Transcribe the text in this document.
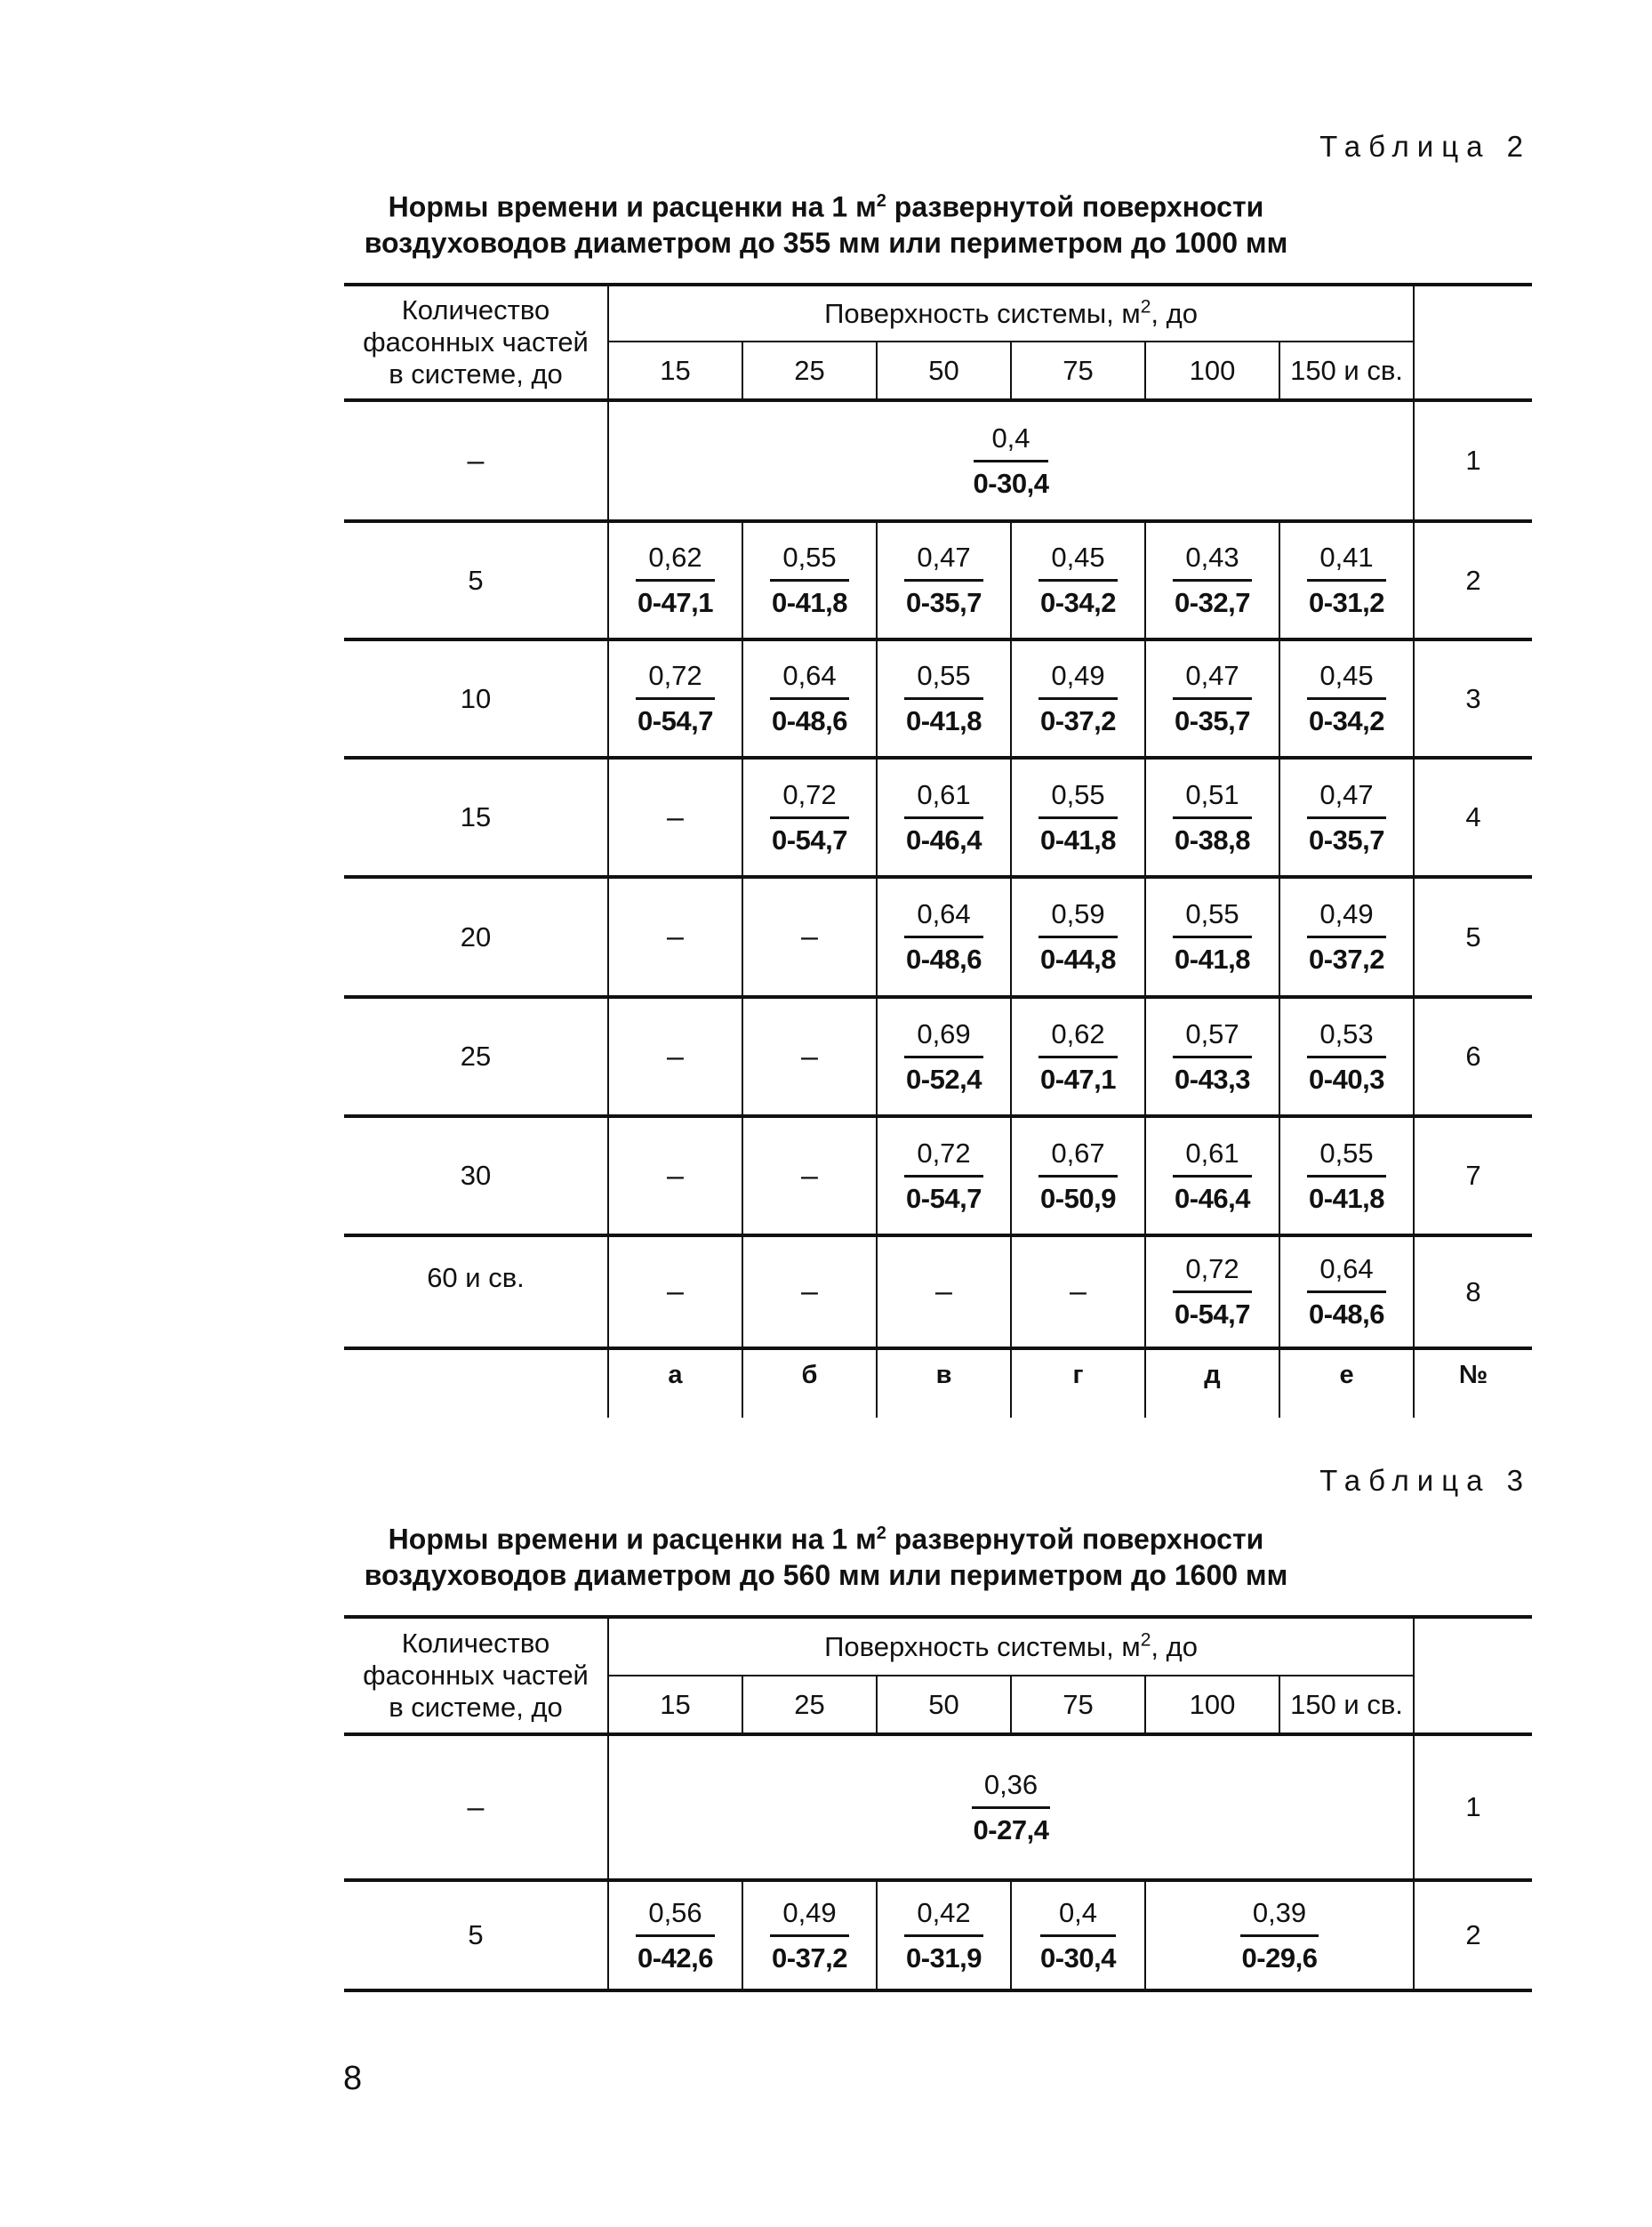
Таблица 2
Нормы времени и расценки на 1 $м^2$ развернутой поверхности
воздуховодов диаметром до 355 мм или периметром до 1000 мм
Количество
фасонных частей
в системе, до	Поверхность системы, $м^2$, до						
	15	25	50	75	100	150 и св.	
–	$\frac{0,4}{0-30,4}$						1
5	$\frac{0,62}{0-47,1}$	$\frac{0,55}{0-41,8}$	$\frac{0,47}{0-35,7}$	$\frac{0,45}{0-34,2}$	$\frac{0,43}{0-32,7}$	$\frac{0,41}{0-31,2}$	2
10	$\frac{0,72}{0-54,7}$	$\frac{0,64}{0-48,6}$	$\frac{0,55}{0-41,8}$	$\frac{0,49}{0-37,2}$	$\frac{0,47}{0-35,7}$	$\frac{0,45}{0-34,2}$	3
15	–	$\frac{0,72}{0-54,7}$	$\frac{0,61}{0-46,4}$	$\frac{0,55}{0-41,8}$	$\frac{0,51}{0-38,8}$	$\frac{0,47}{0-35,7}$	4
20	–	–	$\frac{0,64}{0-48,6}$	$\frac{0,59}{0-44,8}$	$\frac{0,55}{0-41,8}$	$\frac{0,49}{0-37,2}$	5
25	–	–	$\frac{0,69}{0-52,4}$	$\frac{0,62}{0-47,1}$	$\frac{0,57}{0-43,3}$	$\frac{0,53}{0-40,3}$	6
30	–	–	$\frac{0,72}{0-54,7}$	$\frac{0,67}{0-50,9}$	$\frac{0,61}{0-46,4}$	$\frac{0,55}{0-41,8}$	7
60 и св.	–	–	–	–	$\frac{0,72}{0-54,7}$	$\frac{0,64}{0-48,6}$	8
	а	б	в	г	д	е	№
Таблица 3
Нормы времени и расценки на 1 $м^2$ развернутой поверхности
воздуховодов диаметром до 560 мм или периметром до 1600 мм
Количество
фасонных частей
в системе, до	Поверхность системы, $м^2$, до						
	15	25	50	75	100	150 и св.	
–	$\frac{0,36}{0-27,4}$						1
5	$\frac{0,56}{0-42,6}$	$\frac{0,49}{0-37,2}$	$\frac{0,42}{0-31,9}$	$\frac{0,4}{0-30,4}$	$\frac{0,39}{0-29,6}$		2
8
